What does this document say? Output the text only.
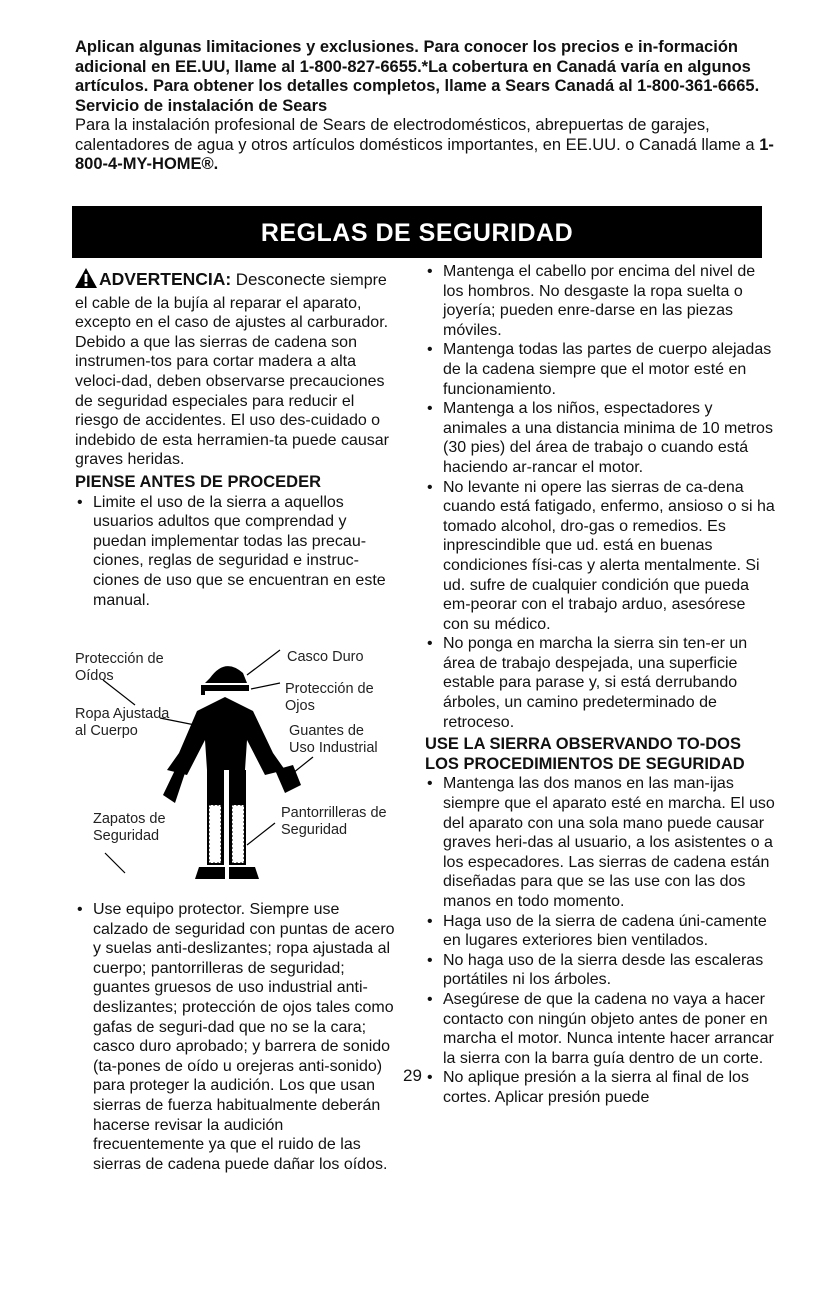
Aplican algunas limitaciones y exclusiones. Para conocer los precios e in-formación adicional en EE.UU, llame al 1-800-827-6655.*La cobertura en Canadá varía en algunos artículos. Para obtener los detalles completos, llame a Sears Canadá al 1-800-361-6665.

Servicio de instalación de Sears

Para la instalación profesional de Sears de electrodomésticos, abrepuertas de garajes, calentadores de agua y otros artículos domésticos importantes, en EE.UU. o Canadá llame a 1-800-4-MY-HOME®.

REGLAS DE SEGURIDAD

ADVERTENCIA: Desconecte siempre el cable de la bujía al reparar el aparato, excepto en el caso de ajustes al carburador. Debido a que las sierras de cadena son instrumen-tos para cortar madera a alta veloci-dad, deben observarse precauciones de seguridad especiales para reducir el riesgo de accidentes. El uso des-cuidado o indebido de esta herramien-ta puede causar graves heridas.

PIENSE ANTES DE PROCEDER

• Limite el uso de la sierra a aquellos usuarios adultos que comprendad y puedan implementar todas las precau-ciones, reglas de seguridad e instruc-ciones de uso que se encuentran en este manual.
Protección de Oídos
Casco Duro
Protección de Ojos
Ropa Ajustada al Cuerpo	Guantes de Uso Industrial
Zapatos de Seguridad
Pantorrilleras de Seguridad
• Use equipo protector. Siempre use calzado de seguridad con puntas de acero y suelas anti-deslizantes; ropa ajustada al cuerpo; pantorrilleras de seguridad; guantes gruesos de uso industrial anti-deslizantes; protección de ojos tales como gafas de seguri-dad que no se la cara; casco duro aprobado; y barrera de sonido (ta-pones de oído u orejeras anti-sonido) para proteger la audición. Los que usan sierras de fuerza habitualmente deberán hacerse revisar la audición frecuentemente ya que el ruido de las sierras de cadena puede dañar los oídos.
• Mantenga el cabello por encima del nivel de los hombros. No desgaste la ropa suelta o joyería; pueden enre-darse en las piezas móviles.
• Mantenga todas las partes de cuerpo alejadas de la cadena siempre que el motor esté en funcionamiento.
• Mantenga a los niños, espectadores y animales a una distancia minima de 10 metros (30 pies) del área de trabajo o cuando está haciendo ar-rancar el motor.
• No levante ni opere las sierras de ca-dena cuando está fatigado, enfermo, ansioso o si ha tomado alcohol, dro-gas o remedios. Es inprescindible que ud. está en buenas condiciones físi-cas y alerta mentalmente. Si ud. sufre de cualquier condición que pueda em-peorar con el trabajo arduo, asesórese con su médico.
• No ponga en marcha la sierra sin ten-er un área de trabajo despejada, una superficie estable para parase y, si está derrubando árboles, un camino predeterminado de retroceso.

USE LA SIERRA OBSERVANDO TO-DOS LOS PROCEDIMIENTOS DE SEGURIDAD

• Mantenga las dos manos en las man-ijas siempre que el aparato esté en marcha. El uso del aparato con una sola mano puede causar graves heri-das al usuario, a los asistentes o a los especadores. Las sierras de cadena están diseñadas para que se las use con las dos manos en todo momento.
• Haga uso de la sierra de cadena úni-camente en lugares exteriores bien ventilados.
• No haga uso de la sierra desde las escaleras portátiles ni los árboles.
• Asegúrese de que la cadena no vaya a hacer contacto con ningún objeto antes de poner en marcha el motor. Nunca intente hacer arrancar la sierra con la barra guía dentro de un corte.
• No aplique presión a la sierra al final de los cortes. Aplicar presión puede
29
